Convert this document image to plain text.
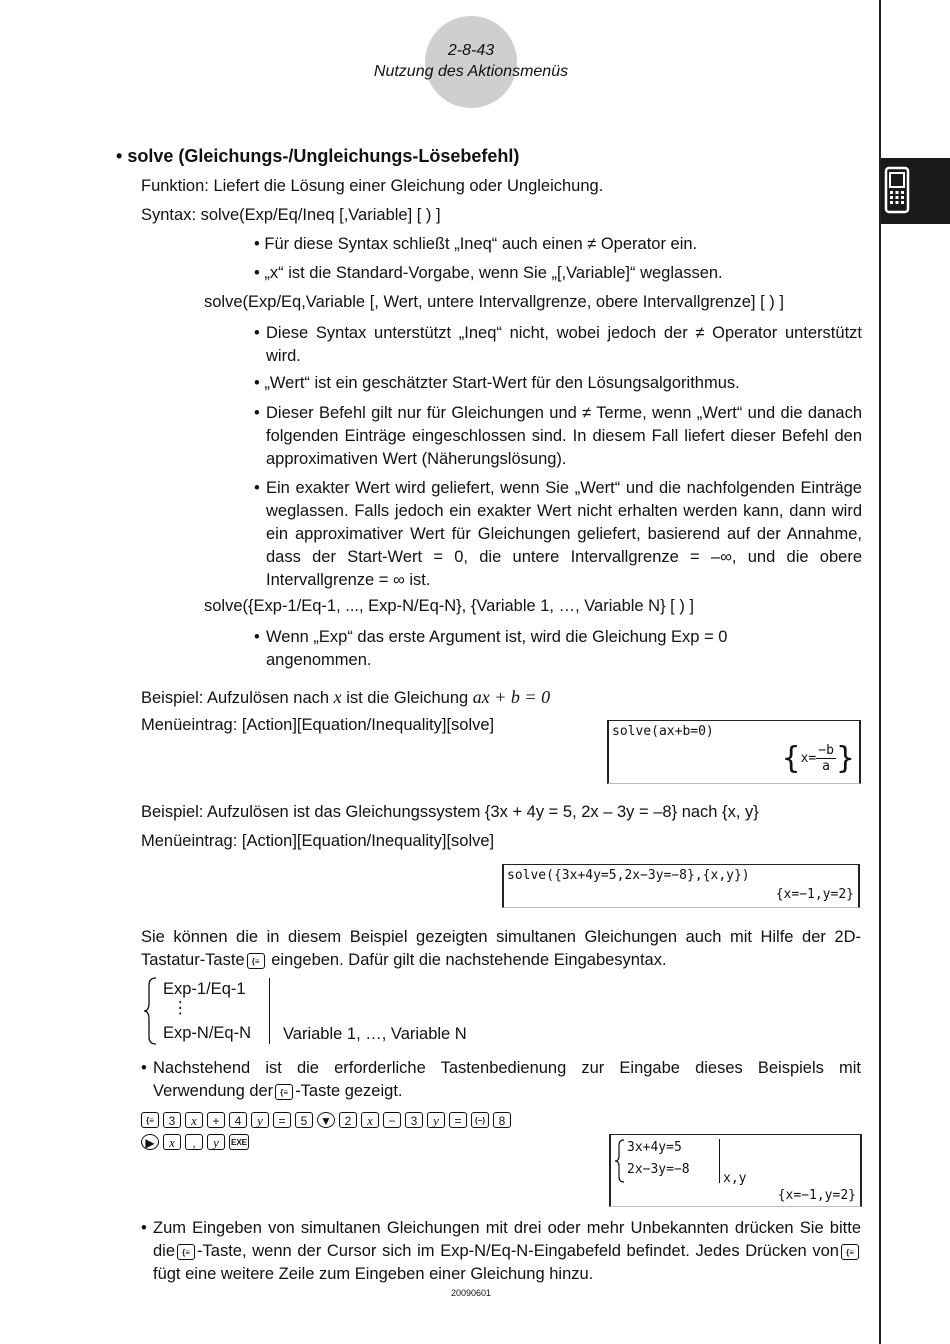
2-8-43
Nutzung des Aktionsmenüs
• solve (Gleichungs-/Ungleichungs-Lösebefehl)
Funktion: Liefert die Lösung einer Gleichung oder Ungleichung.
Syntax: solve(Exp/Eq/Ineq [,Variable] [ ) ]
• Für diese Syntax schließt „Ineq“ auch einen ≠ Operator ein.
• „x“ ist die Standard-Vorgabe, wenn Sie „[,Variable]“ weglassen.
solve(Exp/Eq,Variable [, Wert, untere Intervallgrenze, obere Intervallgrenze] [ ) ]
• Diese Syntax unterstützt „Ineq“ nicht, wobei jedoch der ≠ Operator unterstützt wird.
• „Wert“ ist ein geschätzter Start-Wert für den Lösungsalgorithmus.
• Dieser Befehl gilt nur für Gleichungen und ≠ Terme, wenn „Wert“ und die danach folgenden Einträge eingeschlossen sind. In diesem Fall liefert dieser Befehl den approximativen Wert (Näherungslösung).
• Ein exakter Wert wird geliefert, wenn Sie „Wert“ und die nachfolgenden Einträge weglassen. Falls jedoch ein exakter Wert nicht erhalten werden kann, dann wird ein approximativer Wert für Gleichungen geliefert, basierend auf der Annahme, dass der Start-Wert = 0, die untere Intervallgrenze = –∞, und die obere Intervallgrenze = ∞ ist.
solve({Exp-1/Eq-1, ..., Exp-N/Eq-N}, {Variable 1, …, Variable N} [ ) ]
• Wenn „Exp“ das erste Argument ist, wird die Gleichung Exp = 0 angenommen.
Beispiel: Aufzulösen nach x ist die Gleichung ax + b = 0
Menüeintrag: [Action][Equation/Inequality][solve]	solve(ax+b=0)
{ $x= \frac{-b}{a}$ }
Beispiel: Aufzulösen ist das Gleichungssystem {3x + 4y = 5, 2x – 3y = –8} nach {x, y}
Menüeintrag: [Action][Equation/Inequality][solve]
solve({3x+4y=5,2x−3y=−8},{x,y})
{x=−1,y=2}
Sie können die in diesem Beispiel gezeigten simultanen Gleichungen auch mit Hilfe der 2D-Tastatur-Taste {≡ eingeben. Dafür gilt die nachstehende Eingabesyntax.
Exp-1/Eq-1
⋮
Exp-N/Eq-N Variable 1, …, Variable N
• Nachstehend ist die erforderliche Tastenbedienung zur Eingabe dieses Beispiels mit Verwendung der {≡ -Taste gezeigt.
{≡ 3 x + 4 y = 5 ▼ 2 x − 3 y = (−) 8
▶ x , y EXE	3x+4y=5
2x−3y=−8
x,y
{x=−1,y=2}
• Zum Eingeben von simultanen Gleichungen mit drei oder mehr Unbekannten drücken Sie bitte die {≡ -Taste, wenn der Cursor sich im Exp-N/Eq-N-Eingabefeld befindet. Jedes Drücken von {≡ fügt eine weitere Zeile zum Eingeben einer Gleichung hinzu.
20090601
